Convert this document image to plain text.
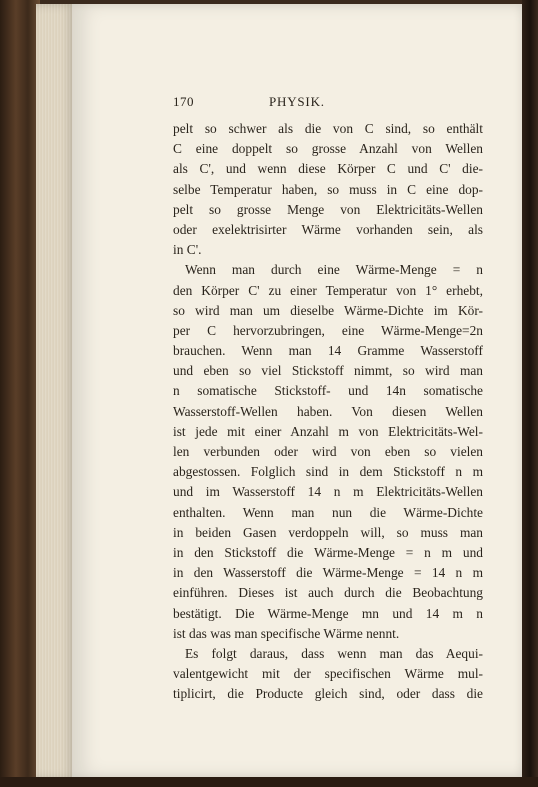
170	PHYSIK.
pelt so schwer als die von C sind, so enthält
C eine doppelt so grosse Anzahl von Wellen
als C', und wenn diese Körper C und C' die-
selbe Temperatur haben, so muss in C eine dop-
pelt so grosse Menge von Elektricitäts-Wellen
oder exelektrisirter Wärme vorhanden sein, als
in C'.
Wenn man durch eine Wärme-Menge = n
den Körper C' zu einer Temperatur von 1° erhebt,
so wird man um dieselbe Wärme-Dichte im Kör-
per C hervorzubringen, eine Wärme-Menge=2n
brauchen. Wenn man 14 Gramme Wasserstoff
und eben so viel Stickstoff nimmt, so wird man
n somatische Stickstoff- und 14n somatische
Wasserstoff-Wellen haben. Von diesen Wellen
ist jede mit einer Anzahl m von Elektricitäts-Wel-
len verbunden oder wird von eben so vielen
abgestossen. Folglich sind in dem Stickstoff n m
und im Wasserstoff 14 n m Elektricitäts-Wellen
enthalten. Wenn man nun die Wärme-Dichte
in beiden Gasen verdoppeln will, so muss man
in den Stickstoff die Wärme-Menge = n m und
in den Wasserstoff die Wärme-Menge = 14 n m
einführen. Dieses ist auch durch die Beobachtung
bestätigt. Die Wärme-Menge mn und 14 m n
ist das was man specifische Wärme nennt.
Es folgt daraus, dass wenn man das Aequi-
valentgewicht mit der specifischen Wärme mul-
tiplicirt, die Producte gleich sind, oder dass die
